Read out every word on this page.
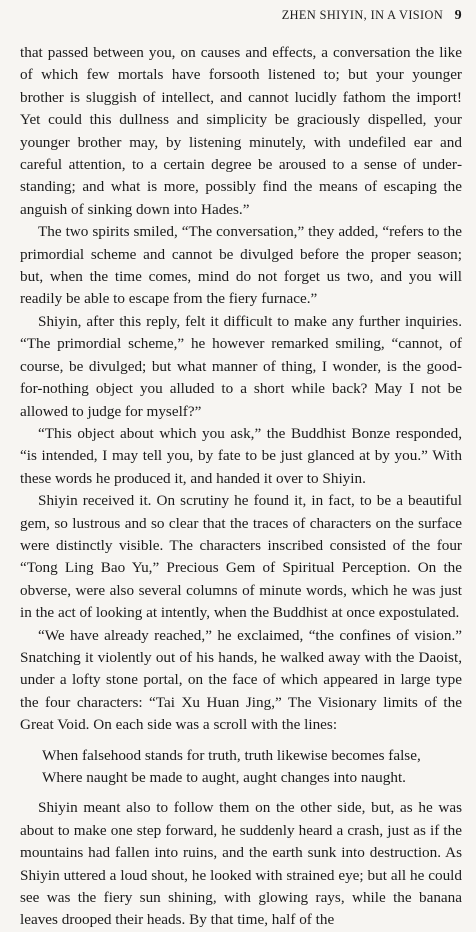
ZHEN SHIYIN, IN A VISION 9

that passed between you, on causes and effects, a conversation the like of which few mortals have forsooth listened to; but your younger brother is sluggish of intellect, and cannot lucidly fathom the import! Yet could this dullness and simplicity be graciously dispelled, your younger brother may, by listening minutely, with undefiled ear and careful attention, to a certain degree be aroused to a sense of understanding; and what is more, possibly find the means of escaping the anguish of sinking down into Hades.”

The two spirits smiled, “The conversation,” they added, “refers to the primordial scheme and cannot be divulged before the proper season; but, when the time comes, mind do not forget us two, and you will readily be able to escape from the fiery furnace.”

Shiyin, after this reply, felt it difficult to make any further inquiries. “The primordial scheme,” he however remarked smiling, “cannot, of course, be divulged; but what manner of thing, I wonder, is the good-for-nothing object you alluded to a short while back? May I not be allowed to judge for myself?”

“This object about which you ask,” the Buddhist Bonze responded, “is intended, I may tell you, by fate to be just glanced at by you.” With these words he produced it, and handed it over to Shiyin.

Shiyin received it. On scrutiny he found it, in fact, to be a beautiful gem, so lustrous and so clear that the traces of characters on the surface were distinctly visible. The characters inscribed consisted of the four “Tong Ling Bao Yu,” Precious Gem of Spiritual Perception. On the obverse, were also several columns of minute words, which he was just in the act of looking at intently, when the Buddhist at once expostulated.

“We have already reached,” he exclaimed, “the confines of vision.” Snatching it violently out of his hands, he walked away with the Daoist, under a lofty stone portal, on the face of which appeared in large type the four characters: “Tai Xu Huan Jing,” The Visionary limits of the Great Void. On each side was a scroll with the lines:

When falsehood stands for truth, truth likewise becomes false,
Where naught be made to aught, aught changes into naught.

Shiyin meant also to follow them on the other side, but, as he was about to make one step forward, he suddenly heard a crash, just as if the mountains had fallen into ruins, and the earth sunk into destruction. As Shiyin uttered a loud shout, he looked with strained eye; but all he could see was the fiery sun shining, with glowing rays, while the banana leaves drooped their heads. By that time, half of the
